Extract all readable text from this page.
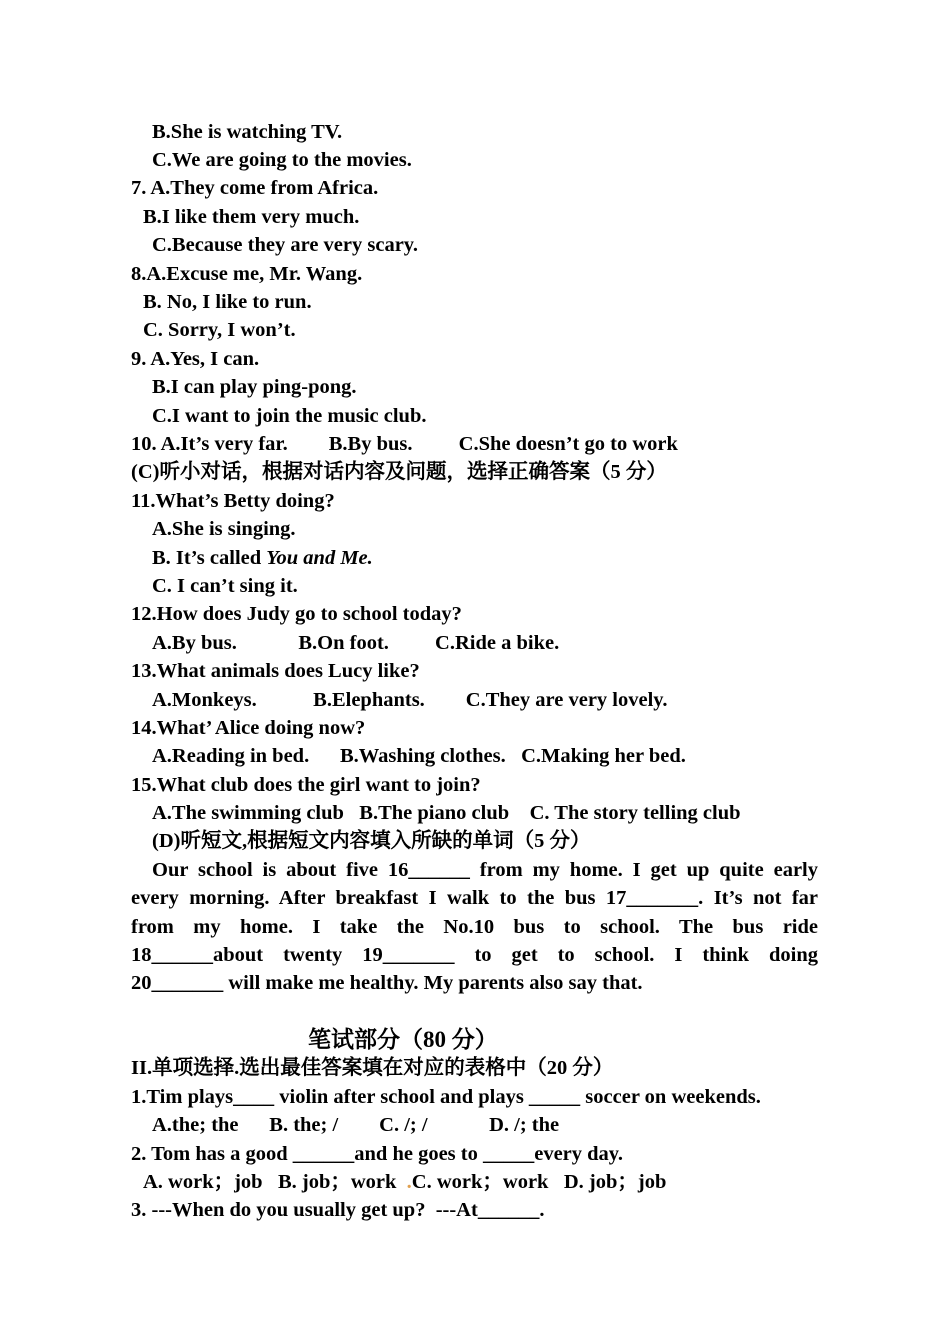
B.She is watching TV.
C.We are going to the movies.
7. A.They come from Africa.
B.I like them very much.
C.Because they are very scary.
8.A.Excuse me, Mr. Wang.
B. No, I like to run.
C. Sorry, I won’t.
9. A.Yes, I can.
B.I can play ping-pong.
C.I want to join the music club.
10. A.It’s very far.        B.By bus.         C.She doesn’t go to work
(C)听小对话，根据对话内容及问题，选择正确答案（5 分）
11.What’s Betty doing?
A.She is singing.
B. It’s called You and Me.
C. I can’t sing it.
12.How does Judy go to school today?
A.By bus.            B.On foot.         C.Ride a bike.
13.What animals does Lucy like?
A.Monkeys.           B.Elephants.        C.They are very lovely.
14.What’ Alice doing now?
A.Reading in bed.      B.Washing clothes.   C.Making her bed.
15.What club does the girl want to join?
A.The swimming club   B.The piano club    C. The story telling club
(D)听短文,根据短文内容填入所缺的单词（5 分）
Our school is about five 16______ from my home. I get up quite early
every morning. After breakfast I walk to the bus 17_______. It’s not far
from my home. I take the No.10 bus to school. The bus ride
18______about twenty 19_______ to get to school. I think doing
20_______ will make me healthy. My parents also say that.
笔试部分（80 分）
II.单项选择.选出最佳答案填在对应的表格中（20 分）
1.Tim plays____ violin after school and plays _____ soccer on weekends.
A.the; the      B. the; /        C. /; /            D. /; the
2. Tom has a good ______and he goes to _____every day.
A. work；job   B. job；work  .C. work；work   D. job；job
3. ---When do you usually get up?  ---At______.
